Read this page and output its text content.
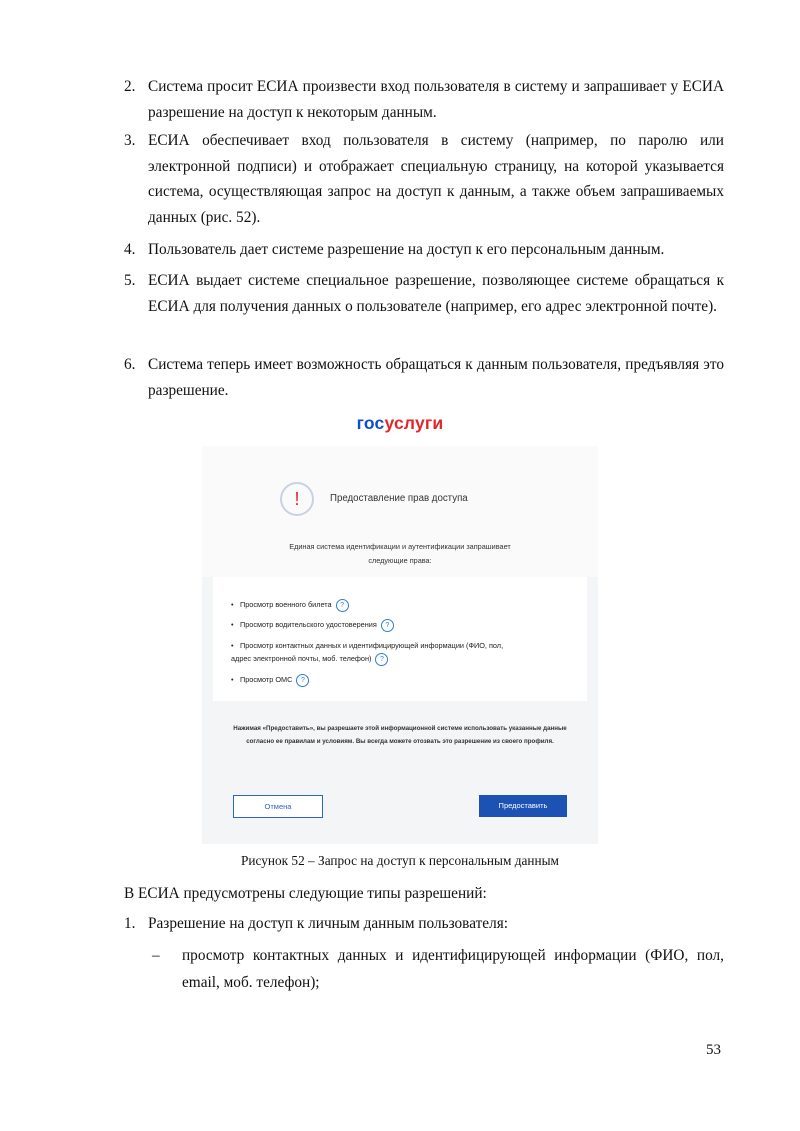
2. Система просит ЕСИА произвести вход пользователя в систему и запрашивает у ЕСИА разрешение на доступ к некоторым данным.
3. ЕСИА обеспечивает вход пользователя в систему (например, по паролю или электронной подписи) и отображает специальную страницу, на которой указывается система, осуществляющая запрос на доступ к данным, а также объем запрашиваемых данных (рис. 52).
4. Пользователь дает системе разрешение на доступ к его персональным данным.
5. ЕСИА выдает системе специальное разрешение, позволяющее системе обращаться к ЕСИА для получения данных о пользователе (например, его адрес электронной почте).
6. Система теперь имеет возможность обращаться к данным пользователя, предъявляя это разрешение.
госуслуги
!	Предоставление прав доступа
Единая система идентификации и аутентификации запрашивает следующие права:
• Просмотр военного билета ?
• Просмотр водительского удостоверения ?
• Просмотр контактных данных и идентифицирующей информации (ФИО, пол, адрес электронной почты, моб. телефон) ?
• Просмотр ОМС ?
Нажимая «Предоставить», вы разрешаете этой информационной системе использовать указанные данные согласно ее правилам и условиям. Вы всегда можете отозвать это разрешение из своего профиля.
Отмена	Предоставить
Рисунок 52 – Запрос на доступ к персональным данным
В ЕСИА предусмотрены следующие типы разрешений:
1. Разрешение на доступ к личным данным пользователя:
– просмотр контактных данных и идентифицирующей информации (ФИО, пол, email, моб. телефон);
53
